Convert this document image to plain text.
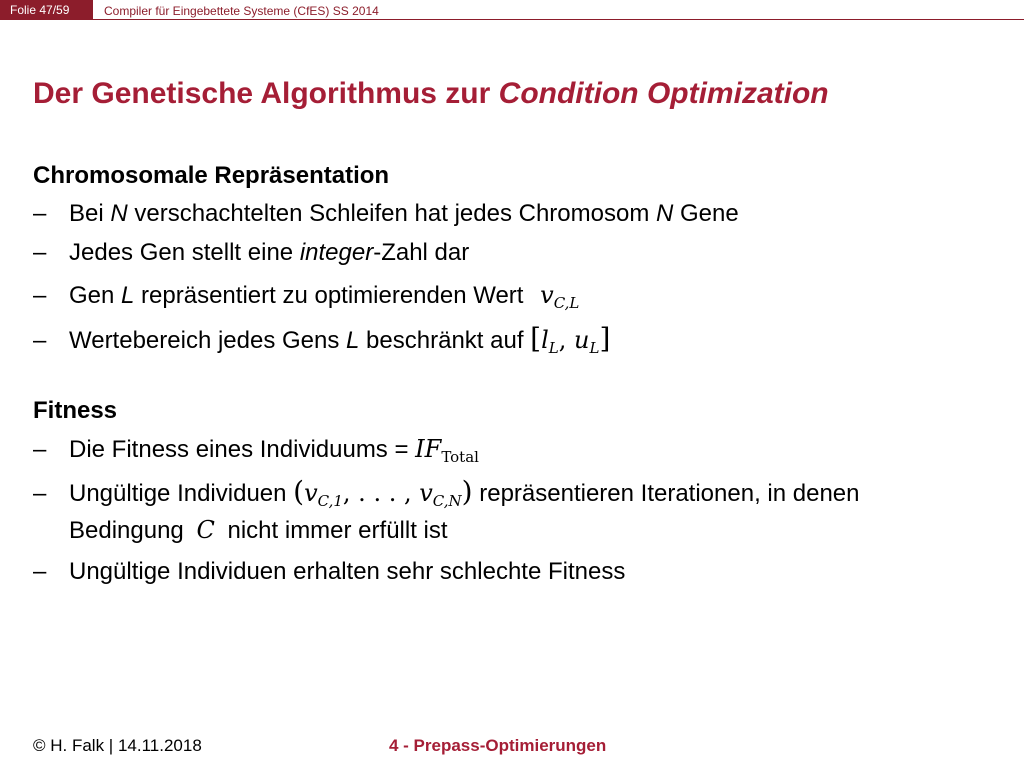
Folie 47/59	Compiler für Eingebettete Systeme (CfES) SS 2014
Der Genetische Algorithmus zur Condition Optimization
Chromosomale Repräsentation
– Bei N verschachtelten Schleifen hat jedes Chromosom N Gene
– Jedes Gen stellt eine integer-Zahl dar
– Gen L repräsentiert zu optimierenden Wert $v_{C,L}$
– Wertebereich jedes Gens L beschränkt auf [$l_L$, $u_L$]
Fitness
– Die Fitness eines Individuums = $IF_{Total}$
– Ungültige Individuen ($v_{C,1}$, . . . , $v_{C,N}$) repräsentieren Iterationen, in denen
Bedingung C nicht immer erfüllt ist
– Ungültige Individuen erhalten sehr schlechte Fitness
© H. Falk | 14.11.2018	4 - Prepass-Optimierungen
